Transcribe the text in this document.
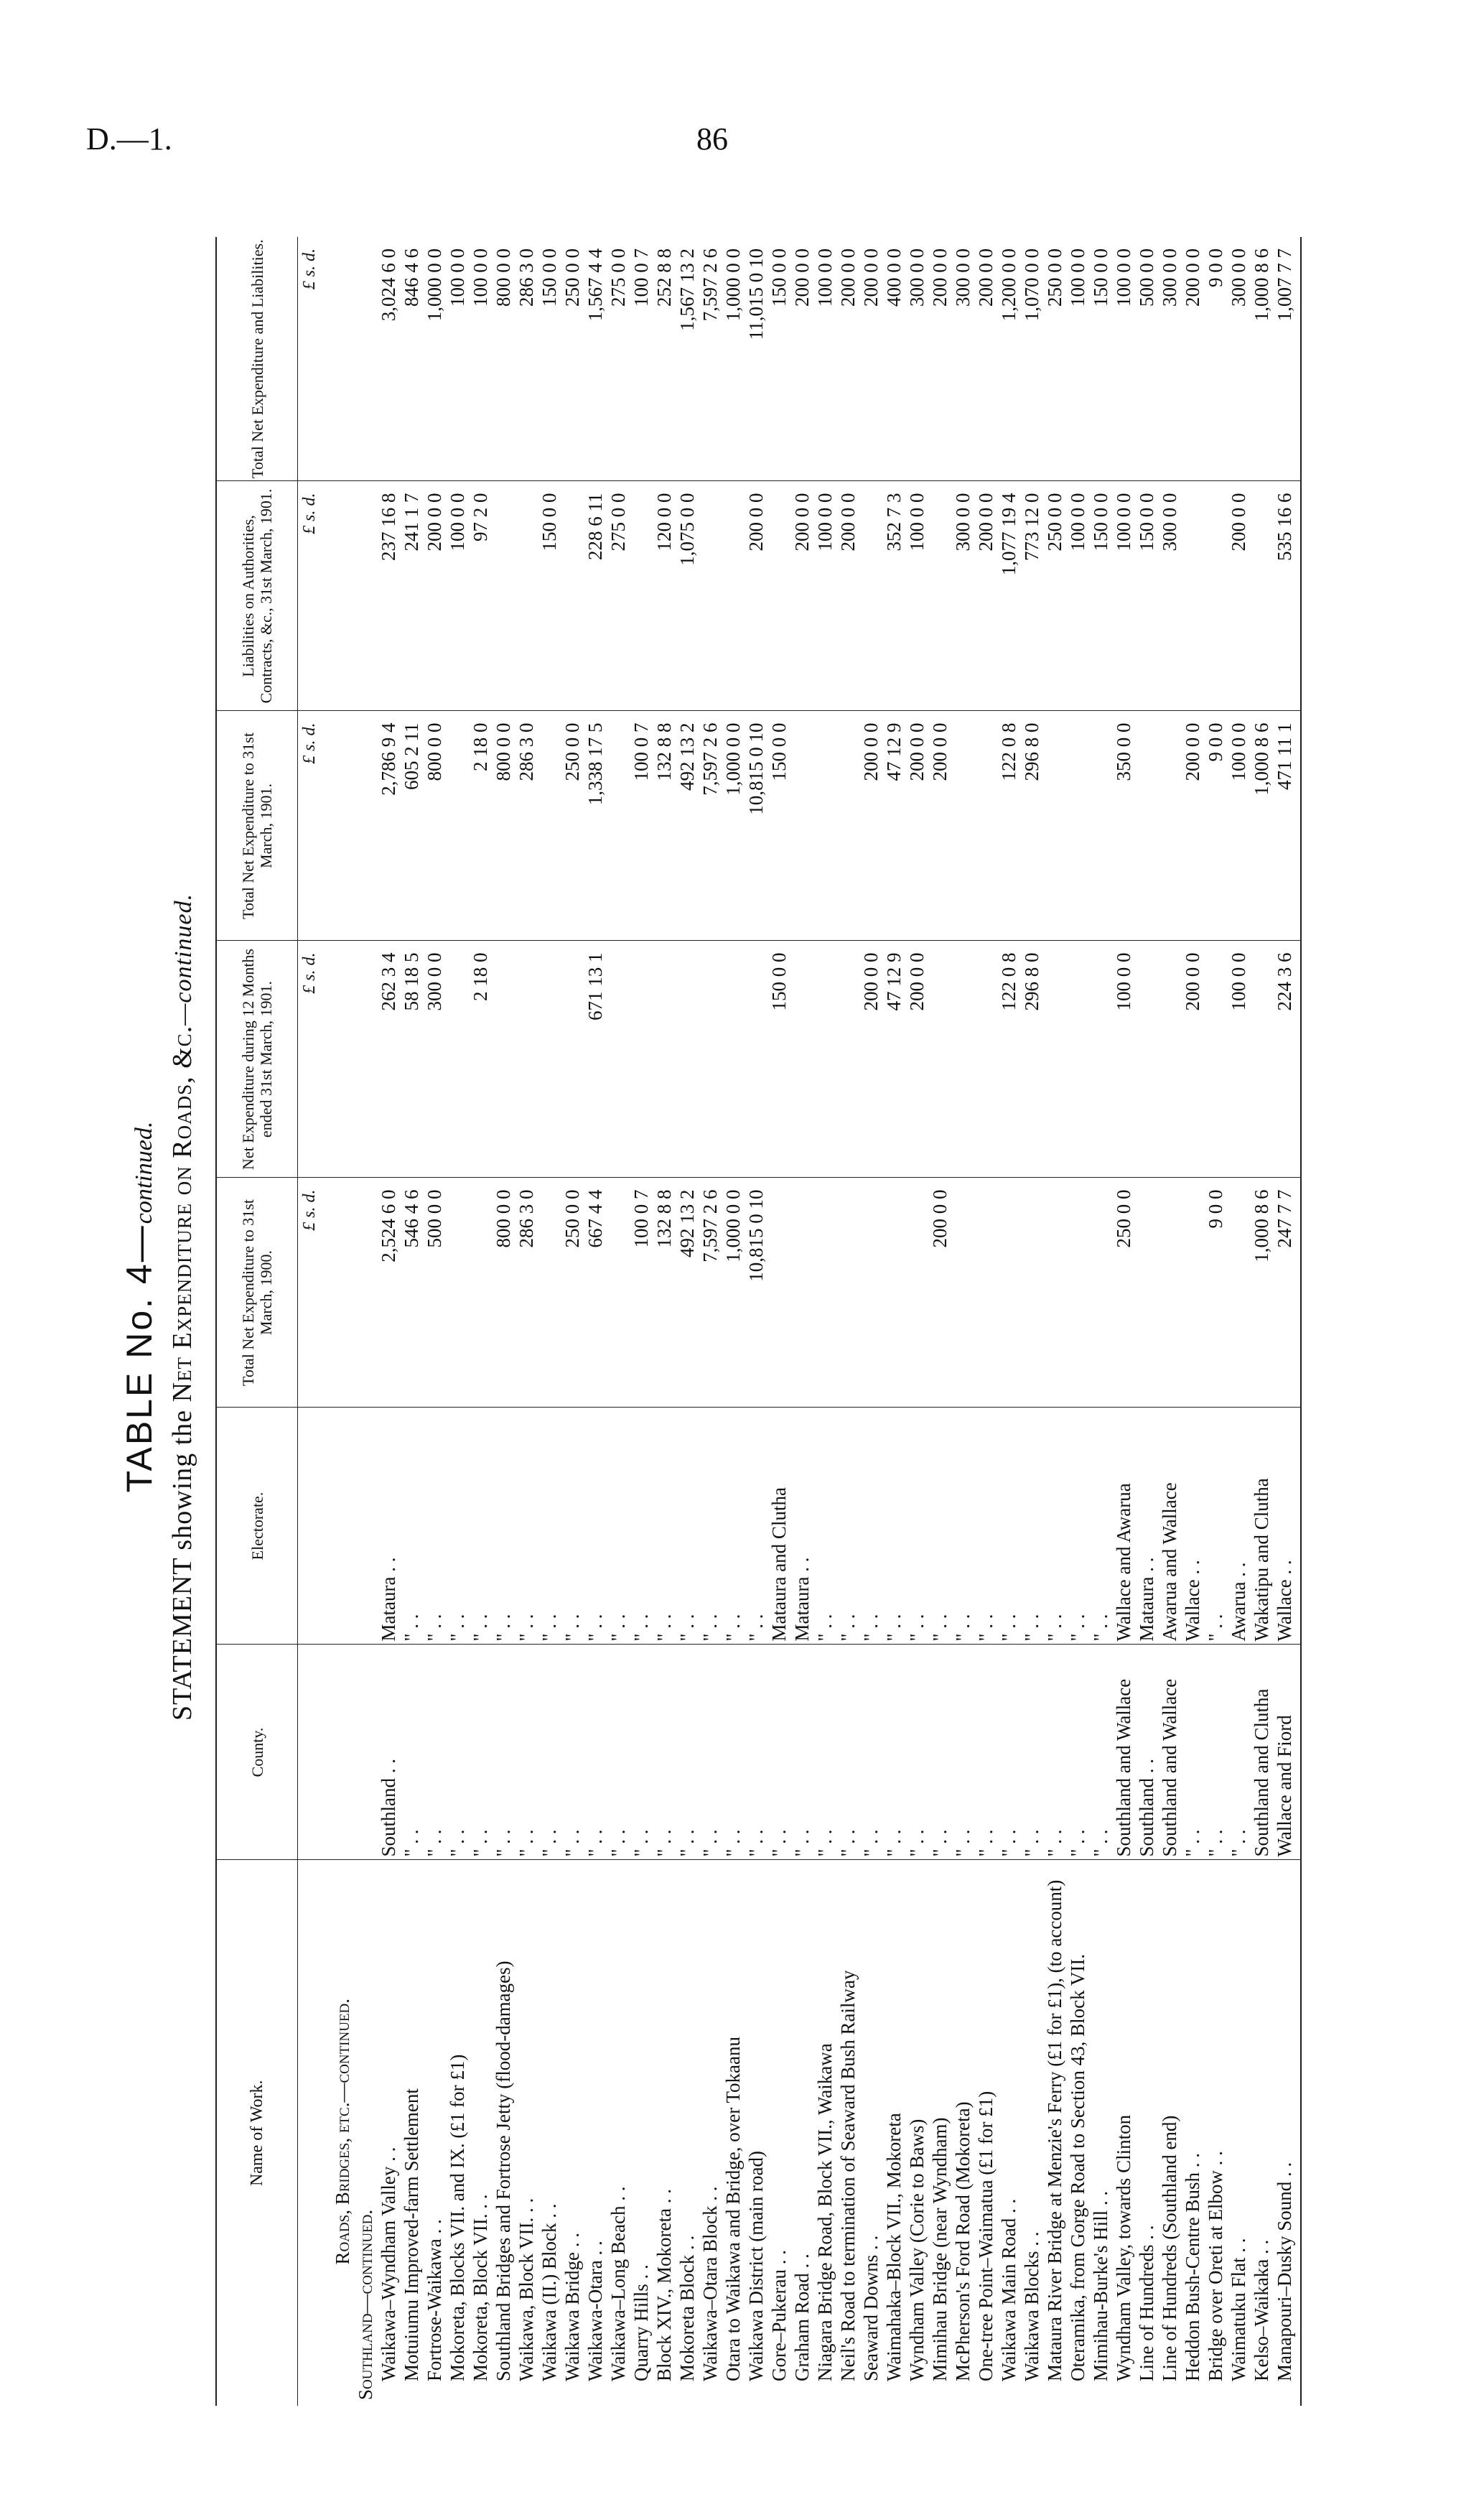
D.—1.	86
TABLE No. 4—continued.
STATEMENT showing the Net Expenditure on Roads, &c.—continued.
Name of Work.	County.	Electorate.	Total Net Expenditure to 31st March, 1900.	Net Expenditure during 12 Months ended 31st March, 1901.	Total Net Expenditure to 31st March, 1901.	Liabilities on Authorities, Contracts, &c., 31st March, 1901.	Total Net Expenditure and Liabilities.
			£ s. d.	£ s. d.	£ s. d.	£ s. d.	£ s. d.
Roads, Bridges, etc.—continued.							
Southland—continued.							
Waikawa–Wyndham Valley . .	Southland . .	Mataura . .	2,524 6 0	262 3 4	2,786 9 4	237 16 8	3,024 6 0
Motuiumu Improved-farm Settlement	" . .	" . .	546 4 6	58 18 5	605 2 11	241 1 7	846 4 6
Fortrose-Waikawa . .	" . .	" . .	500 0 0	300 0 0	800 0 0	200 0 0	1,000 0 0
Mokoreta, Blocks VII. and IX. (£1 for £1)	" . .	" . .				100 0 0	100 0 0
Mokoreta, Block VII. . .	" . .	" . .		2 18 0	2 18 0	97 2 0	100 0 0
Southland Bridges and Fortrose Jetty (flood-damages)	" . .	" . .	800 0 0		800 0 0		800 0 0
Waikawa, Block VII. . .	" . .	" . .	286 3 0		286 3 0		286 3 0
Waikawa (II.) Block . .	" . .	" . .				150 0 0	150 0 0
Waikawa Bridge . .	" . .	" . .	250 0 0		250 0 0		250 0 0
Waikawa-Otara . .	" . .	" . .	667 4 4	671 13 1	1,338 17 5	228 6 11	1,567 4 4
Waikawa–Long Beach . .	" . .	" . .				275 0 0	275 0 0
Quarry Hills . .	" . .	" . .	100 0 7		100 0 7		100 0 7
Block XIV., Mokoreta . .	" . .	" . .	132 8 8		132 8 8	120 0 0	252 8 8
Mokoreta Block . .	" . .	" . .	492 13 2		492 13 2	1,075 0 0	1,567 13 2
Waikawa–Otara Block . .	" . .	" . .	7,597 2 6		7,597 2 6		7,597 2 6
Otara to Waikawa and Bridge, over Tokaanu	" . .	" . .	1,000 0 0		1,000 0 0		1,000 0 0
Waikawa District (main road)	" . .	" . .	10,815 0 10		10,815 0 10	200 0 0	11,015 0 10
Gore–Pukerau . .	" . .	Mataura and Clutha		150 0 0	150 0 0		150 0 0
Graham Road . .	" . .	Mataura . .				200 0 0	200 0 0
Niagara Bridge Road, Block VII., Waikawa	" . .	" . .				100 0 0	100 0 0
Neil's Road to termination of Seaward Bush Railway	" . .	" . .				200 0 0	200 0 0
Seaward Downs . .	" . .	" . .		200 0 0	200 0 0		200 0 0
Waimahaka–Block VII., Mokoreta	" . .	" . .		47 12 9	47 12 9	352 7 3	400 0 0
Wyndham Valley (Corie to Baws)	" . .	" . .		200 0 0	200 0 0	100 0 0	300 0 0
Mimihau Bridge (near Wyndham)	" . .	" . .	200 0 0		200 0 0		200 0 0
McPherson's Ford Road (Mokoreta)	" . .	" . .				300 0 0	300 0 0
One-tree Point–Waimatua (£1 for £1)	" . .	" . .				200 0 0	200 0 0
Waikawa Main Road . .	" . .	" . .		122 0 8	122 0 8	1,077 19 4	1,200 0 0
Waikawa Blocks . .	" . .	" . .		296 8 0	296 8 0	773 12 0	1,070 0 0
Mataura River Bridge at Menzie's Ferry (£1 for £1), (to account)	" . .	" . .				250 0 0	250 0 0
Oteramika, from Gorge Road to Section 43, Block VII.	" . .	" . .				100 0 0	100 0 0
Mimihau-Burke's Hill . .	" . .	" . .				150 0 0	150 0 0
Wyndham Valley, towards Clinton	Southland and Wallace	Wallace and Awarua	250 0 0	100 0 0	350 0 0	100 0 0	100 0 0
Line of Hundreds . .	Southland . .	Mataura . .				150 0 0	500 0 0
Line of Hundreds (Southland end)	Southland and Wallace	Awarua and Wallace				300 0 0	300 0 0
Heddon Bush-Centre Bush . .	" . .	Wallace . .		200 0 0	200 0 0		200 0 0
Bridge over Oreti at Elbow . .	" . .	" . .	9 0 0		9 0 0		9 0 0
Waimatuku Flat . .	" . .	Awarua . .		100 0 0	100 0 0	200 0 0	300 0 0
Kelso–Waikaka . .	Southland and Clutha	Wakatipu and Clutha	1,000 8 6		1,000 8 6		1,000 8 6
Manapouri–Dusky Sound . .	Wallace and Fiord	Wallace . .	247 7 7	224 3 6	471 11 1	535 16 6	1,007 7 7
